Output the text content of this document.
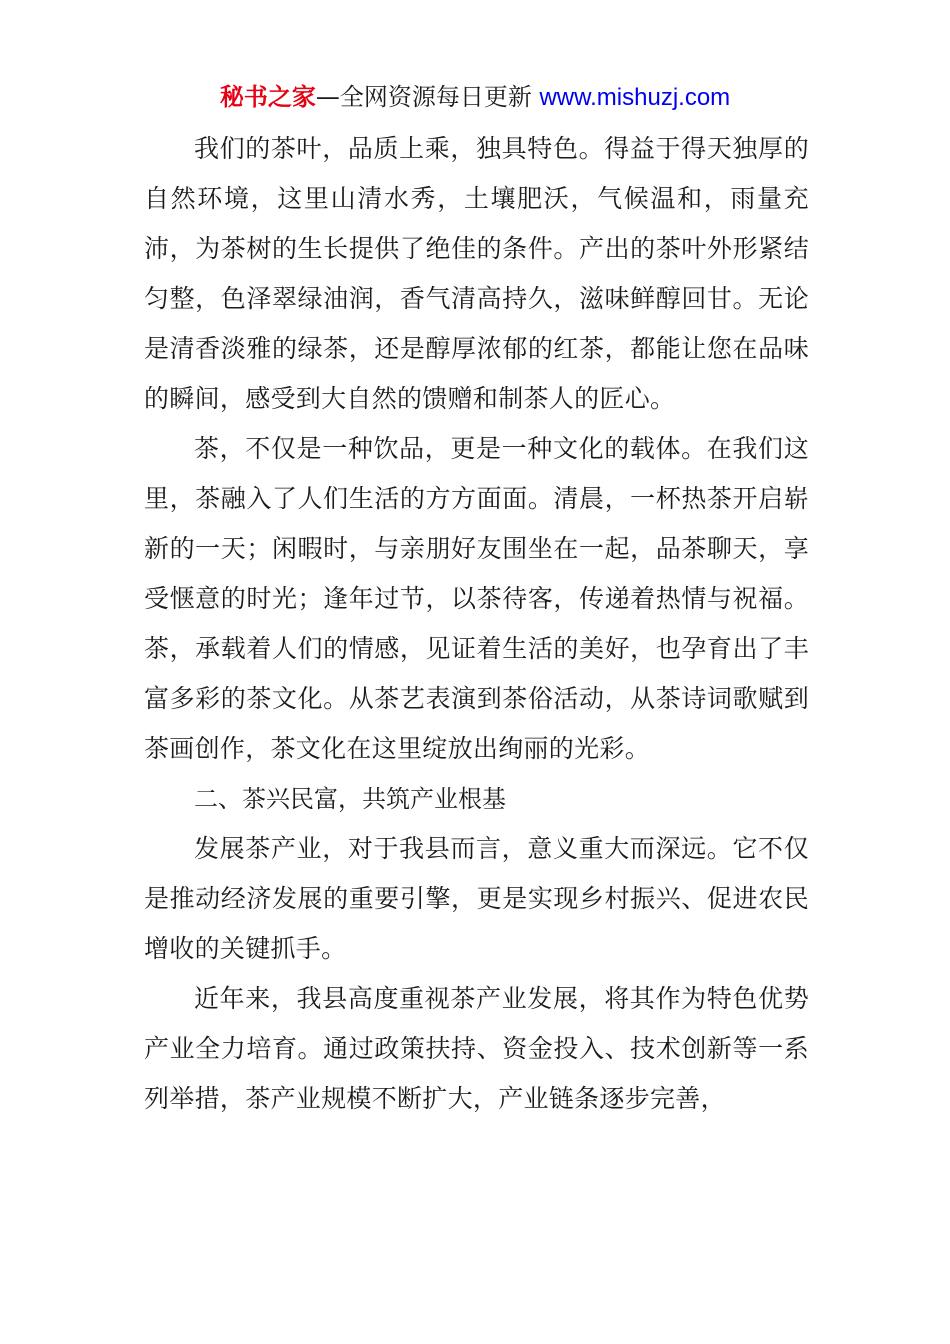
秘书之家—全网资源每日更新 www.mishuzj.com

我们的茶叶，品质上乘，独具特色。得益于得天独厚的自然环境，这里山清水秀，土壤肥沃，气候温和，雨量充沛，为茶树的生长提供了绝佳的条件。产出的茶叶外形紧结匀整，色泽翠绿油润，香气清高持久，滋味鲜醇回甘。无论是清香淡雅的绿茶，还是醇厚浓郁的红茶，都能让您在品味的瞬间，感受到大自然的馈赠和制茶人的匠心。

茶，不仅是一种饮品，更是一种文化的载体。在我们这里，茶融入了人们生活的方方面面。清晨，一杯热茶开启崭新的一天；闲暇时，与亲朋好友围坐在一起，品茶聊天，享受惬意的时光；逢年过节，以茶待客，传递着热情与祝福。茶，承载着人们的情感，见证着生活的美好，也孕育出了丰富多彩的茶文化。从茶艺表演到茶俗活动，从茶诗词歌赋到茶画创作，茶文化在这里绽放出绚丽的光彩。

二、茶兴民富，共筑产业根基

发展茶产业，对于我县而言，意义重大而深远。它不仅是推动经济发展的重要引擎，更是实现乡村振兴、促进农民增收的关键抓手。

近年来，我县高度重视茶产业发展，将其作为特色优势产业全力培育。通过政策扶持、资金投入、技术创新等一系列举措，茶产业规模不断扩大，产业链条逐步完善，
